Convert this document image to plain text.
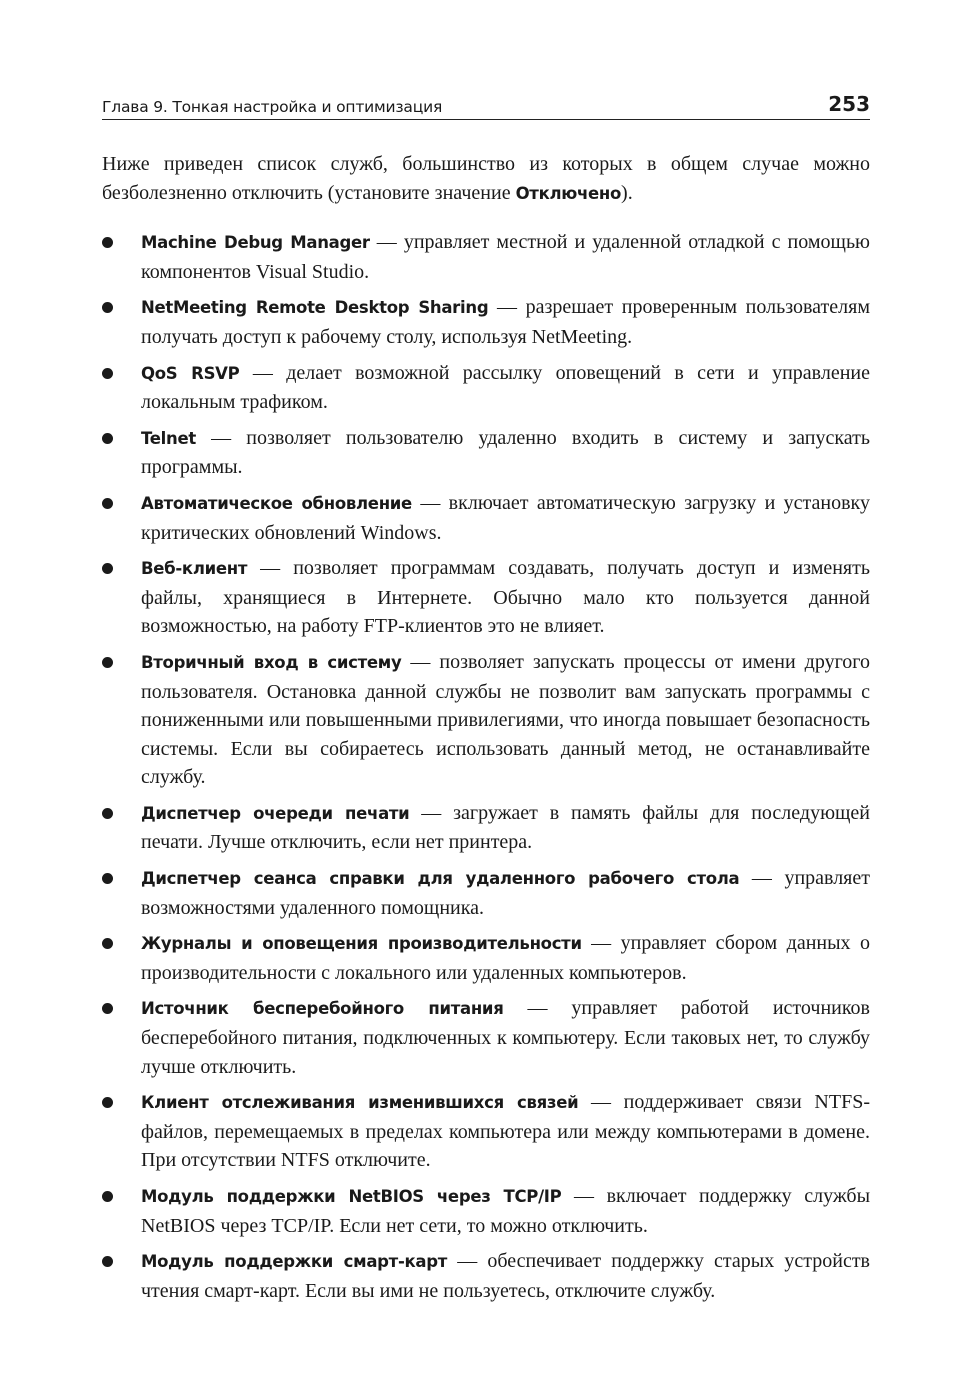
Глава 9. Тонкая настройка и оптимизация	253

Ниже приведен список служб, большинство из которых в общем случае можно безболезненно отключить (установите значение Отключено).

Machine Debug Manager — управляет местной и удаленной отладкой с помощью компонентов Visual Studio.
NetMeeting Remote Desktop Sharing — разрешает проверенным пользователям получать доступ к рабочему столу, используя NetMeeting.
QoS RSVP — делает возможной рассылку оповещений в сети и управление локальным трафиком.
Telnet — позволяет пользователю удаленно входить в систему и запускать программы.
Автоматическое обновление — включает автоматическую загрузку и установку критических обновлений Windows.
Веб-клиент — позволяет программам создавать, получать доступ и изменять файлы, хранящиеся в Интернете. Обычно мало кто пользуется данной возможностью, на работу FTP-клиентов это не влияет.
Вторичный вход в систему — позволяет запускать процессы от имени другого пользователя. Остановка данной службы не позволит вам запускать программы с пониженными или повышенными привилегиями, что иногда повышает безопасность системы. Если вы собираетесь использовать данный метод, не останавливайте службу.
Диспетчер очереди печати — загружает в память файлы для последующей печати. Лучше отключить, если нет принтера.
Диспетчер сеанса справки для удаленного рабочего стола — управляет возможностями удаленного помощника.
Журналы и оповещения производительности — управляет сбором данных о производительности с локального или удаленных компьютеров.
Источник бесперебойного питания — управляет работой источников бесперебойного питания, подключенных к компьютеру. Если таковых нет, то службу лучше отключить.
Клиент отслеживания изменившихся связей — поддерживает связи NTFS-файлов, перемещаемых в пределах компьютера или между компьютерами в домене. При отсутствии NTFS отключите.
Модуль поддержки NetBIOS через TCP/IP — включает поддержку службы NetBIOS через TCP/IP. Если нет сети, то можно отключить.
Модуль поддержки смарт-карт — обеспечивает поддержку старых устройств чтения смарт-карт. Если вы ими не пользуетесь, отключите службу.
